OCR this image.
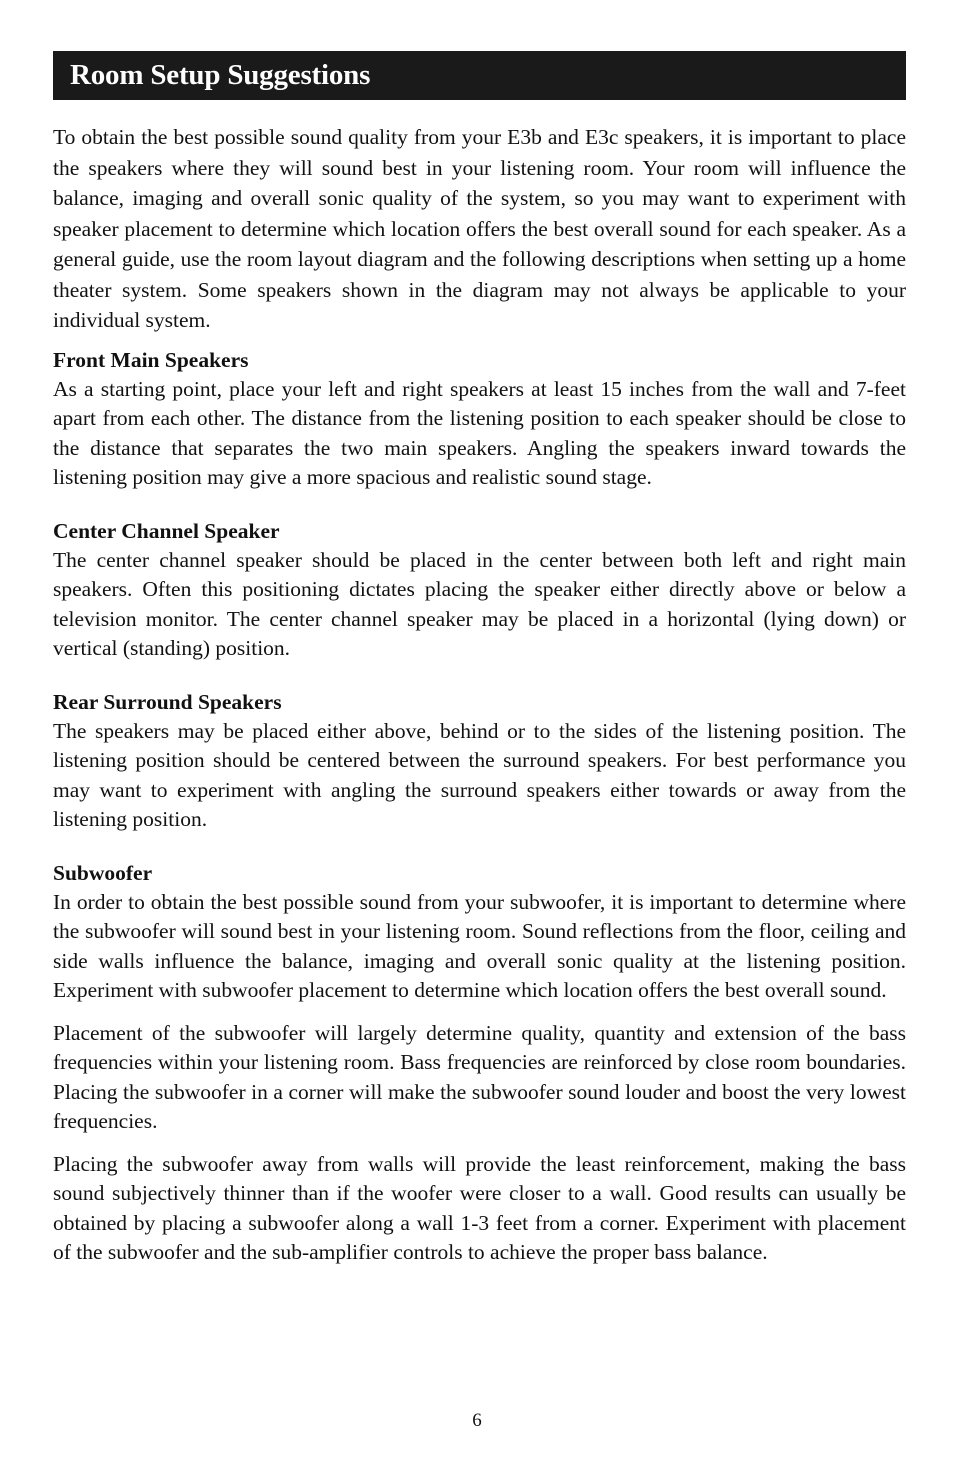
Room Setup Suggestions

To obtain the best possible sound quality from your E3b and E3c speakers, it is important to place the speakers where they will sound best in your listening room. Your room will influence the balance, imaging and overall sonic quality of the system, so you may want to experiment with speaker placement to determine which location offers the best overall sound for each speaker. As a general guide, use the room layout diagram and the following descriptions when setting up a home theater system. Some speakers shown in the diagram may not always be applicable to your individual system.

Front Main Speakers

As a starting point, place your left and right speakers at least 15 inches from the wall and 7-feet apart from each other. The distance from the listening position to each speaker should be close to the distance that separates the two main speakers. Angling the speakers inward towards the listening position may give a more spacious and realistic sound stage.

Center Channel Speaker

The center channel speaker should be placed in the center between both left and right main speakers. Often this positioning dictates placing the speaker either directly above or below a television monitor. The center channel speaker may be placed in a horizontal (lying down) or vertical (standing) position.

Rear Surround Speakers

The speakers may be placed either above, behind or to the sides of the listening position. The listening position should be centered between the surround speakers. For best performance you may want to experiment with angling the surround speakers either towards or away from the listening position.

Subwoofer

In order to obtain the best possible sound from your subwoofer, it is important to determine where the subwoofer will sound best in your listening room. Sound reflections from the floor, ceiling and side walls influence the balance, imaging and overall sonic quality at the listening position. Experiment with subwoofer placement to determine which location offers the best overall sound.

Placement of the subwoofer will largely determine quality, quantity and extension of the bass frequencies within your listening room. Bass frequencies are reinforced by close room boundaries. Placing the subwoofer in a corner will make the subwoofer sound louder and boost the very lowest frequencies.

Placing the subwoofer away from walls will provide the least reinforcement, making the bass sound subjectively thinner than if the woofer were closer to a wall. Good results can usually be obtained by placing a subwoofer along a wall 1-3 feet from a corner. Experiment with placement of the subwoofer and the sub-amplifier controls to achieve the proper bass balance.

6
